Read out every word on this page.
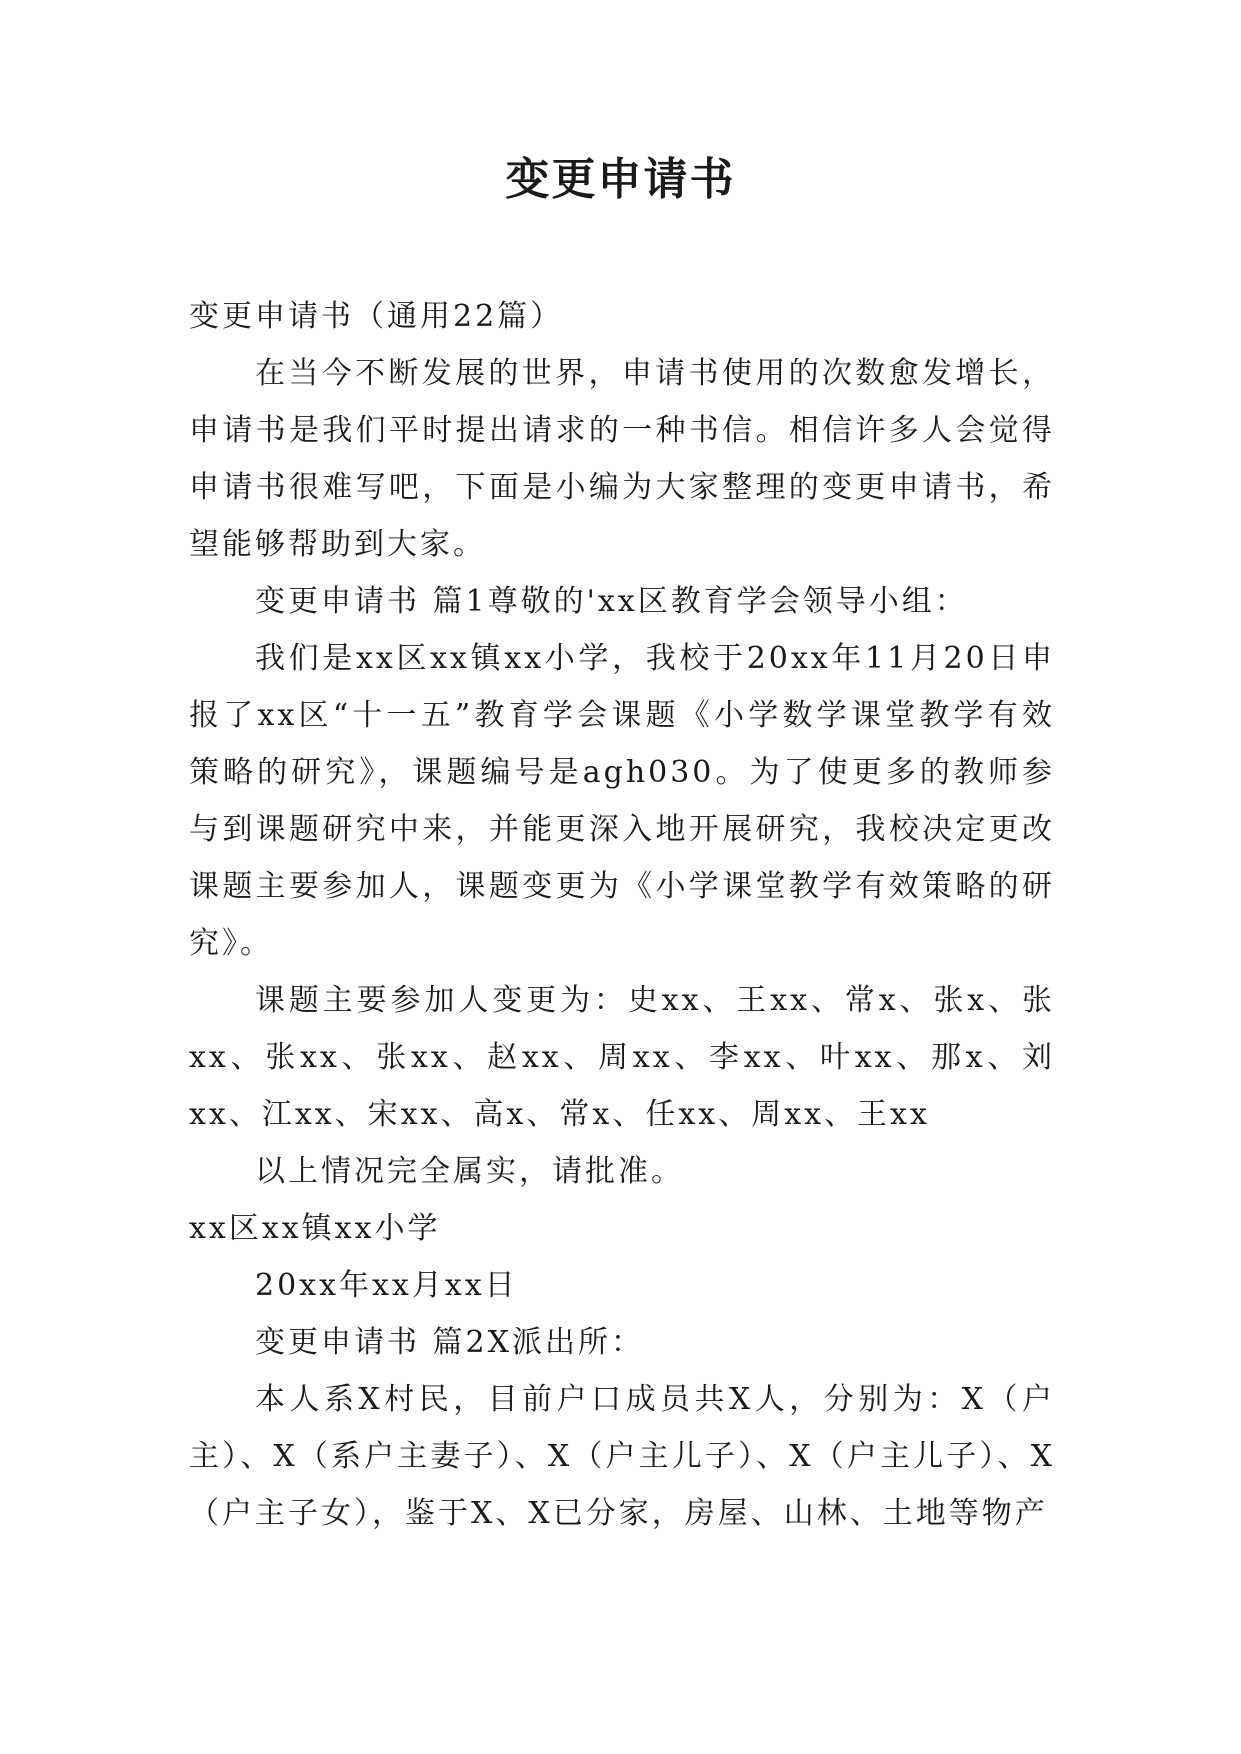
变更申请书

变更申请书（通用22篇）

在当今不断发展的世界，申请书使用的次数愈发增长，申请书是我们平时提出请求的一种书信。相信许多人会觉得申请书很难写吧，下面是小编为大家整理的变更申请书，希望能够帮助到大家。

变更申请书 篇1尊敬的'xx区教育学会领导小组：

我们是xx区xx镇xx小学，我校于20xx年11月20日申报了xx区“十一五”教育学会课题《小学数学课堂教学有效策略的研究》，课题编号是agh030。为了使更多的教师参与到课题研究中来，并能更深入地开展研究，我校决定更改课题主要参加人，课题变更为《小学课堂教学有效策略的研究》。

课题主要参加人变更为：史xx、王xx、常x、张x、张xx、张xx、张xx、赵xx、周xx、李xx、叶xx、那x、刘xx、江xx、宋xx、高x、常x、任xx、周xx、王xx

以上情况完全属实，请批准。

xx区xx镇xx小学

20xx年xx月xx日

变更申请书 篇2X派出所：

本人系X村民，目前户口成员共X人，分别为：X（户主）、X（系户主妻子）、X（户主儿子）、X（户主儿子）、X（户主子女），鉴于X、X已分家，房屋、山林、土地等物产
